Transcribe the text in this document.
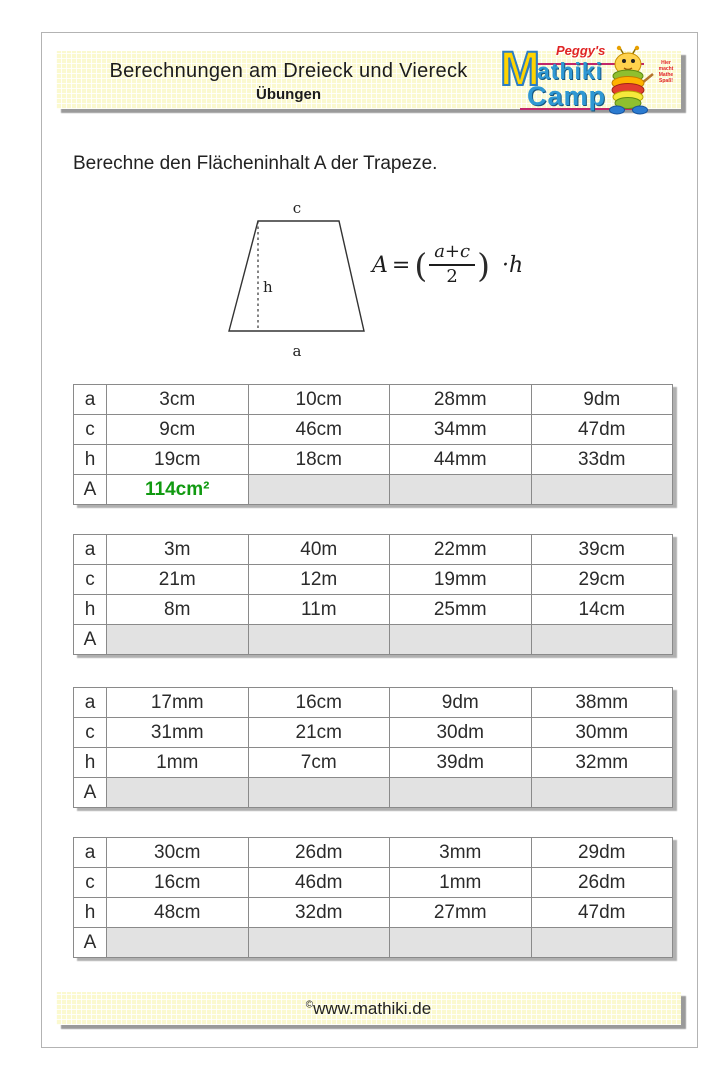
Berechnungen am Dreieck und Viereck
Übungen	M
athiki
Camp
Peggy's
Hier macht Mathe Spaß!
Berechne den Flächeninhalt A der Trapeze.
c
h
a
A = ( $\frac{a+c}{2}$ ) ·h
a	3cm	10cm	28mm	9dm
c	9cm	46cm	34mm	47dm
h	19cm	18cm	44mm	33dm
A	114cm²			
a	3m	40m	22mm	39cm
c	21m	12m	19mm	29cm
h	8m	11m	25mm	14cm
A				
a	17mm	16cm	9dm	38mm
c	31mm	21cm	30dm	30mm
h	1mm	7cm	39dm	32mm
A				
a	30cm	26dm	3mm	29dm
c	16cm	46dm	1mm	26dm
h	48cm	32dm	27mm	47dm
A				
©www.mathiki.de
